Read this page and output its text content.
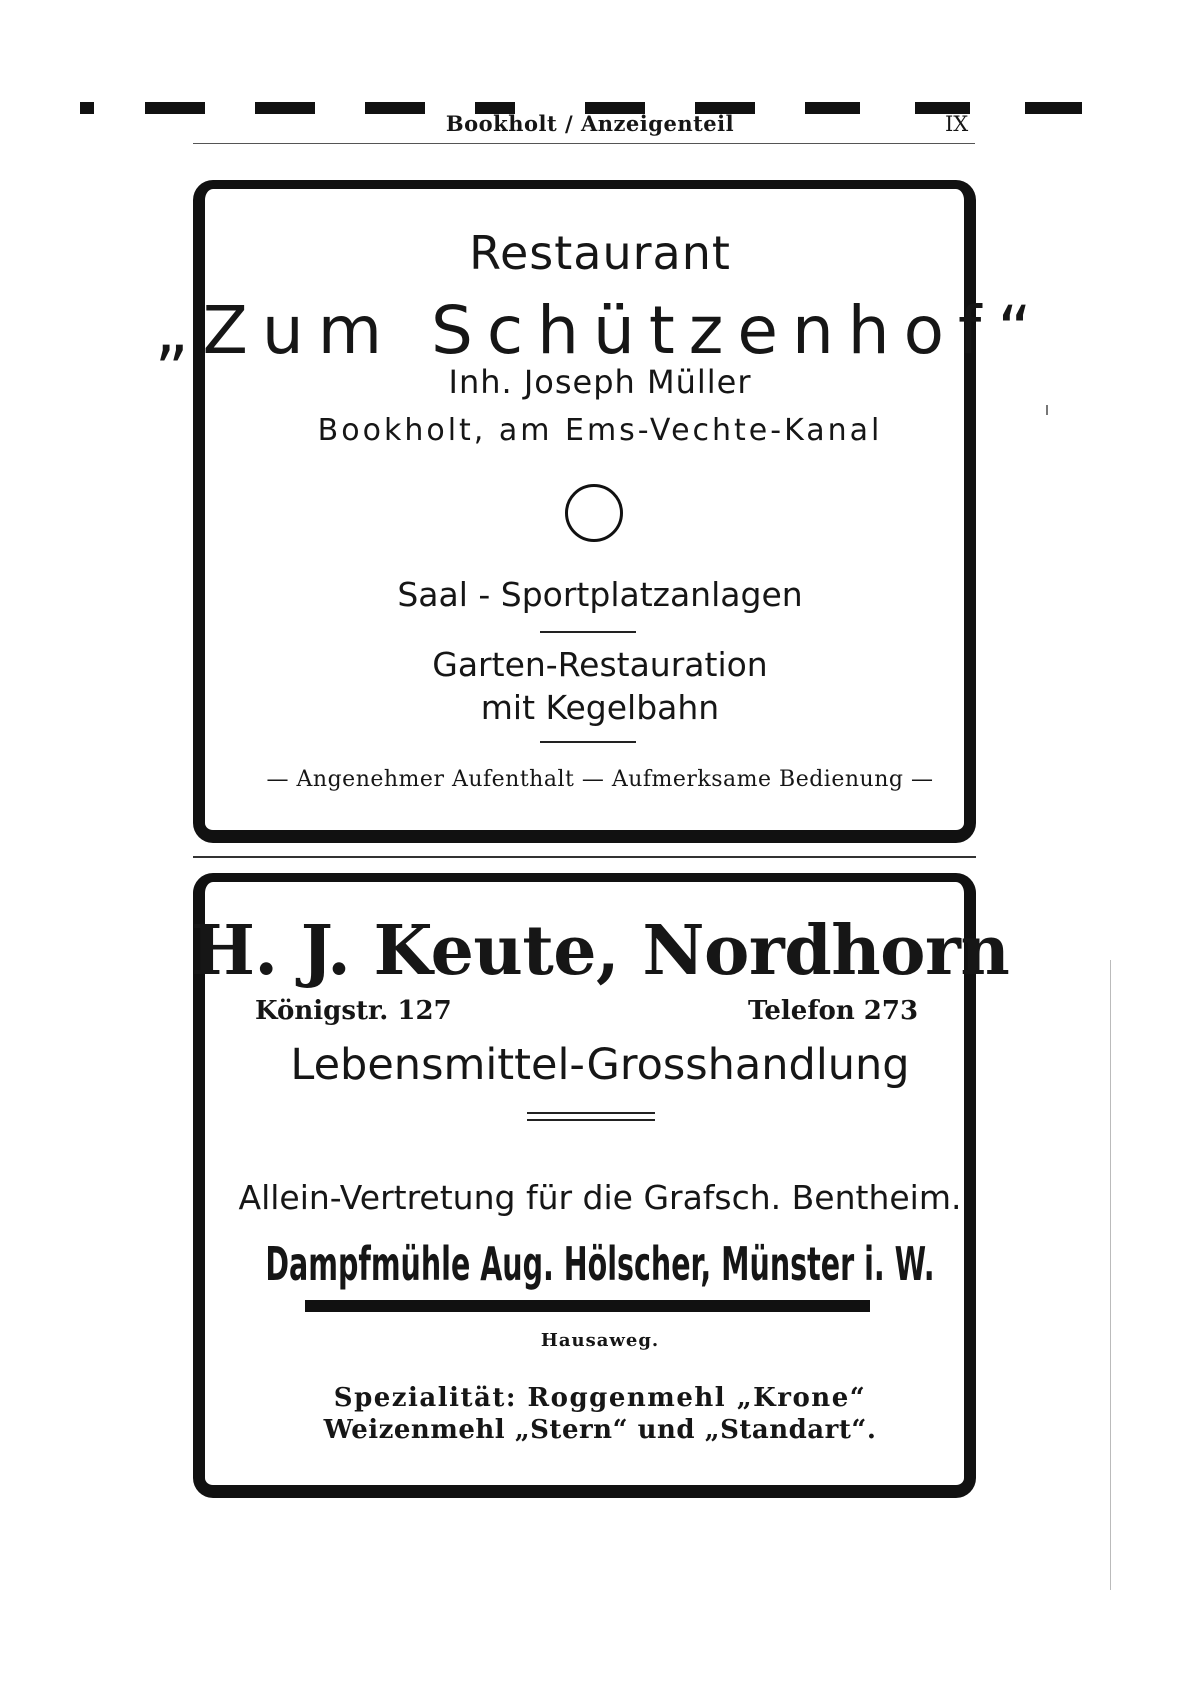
Bookholt / Anzeigenteil	IX
Restaurant
„Zum Schützenhof“
Inh. Joseph Müller
Bookholt, am Ems-Vechte-Kanal
Saal - Sportplatzanlagen
Garten-Restauration
mit Kegelbahn
— Angenehmer Aufenthalt — Aufmerksame Bedienung —
H. J. Keute, Nordhorn
Königstr. 127	Telefon 273
Lebensmittel-Grosshandlung
Allein-Vertretung für die Grafsch. Bentheim.
Dampfmühle Aug. Hölscher, Münster i. W.
Hausaweg.
Spezialität: Roggenmehl „Krone“
Weizenmehl „Stern“ und „Standart“.
